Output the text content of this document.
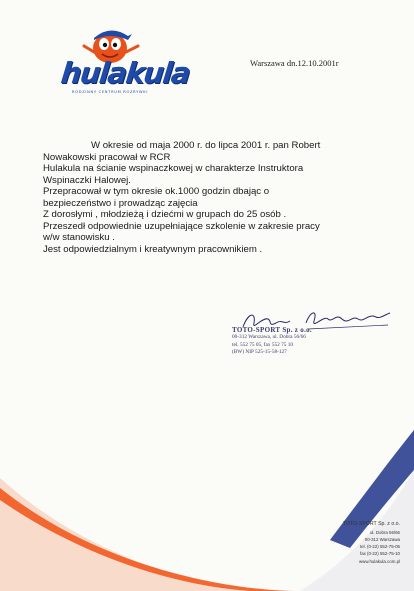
hulakula
RODZINNY CENTRUM ROZRYWKI
Warszawa dn.12.10.2001r

W okresie od maja 2000 r. do lipca 2001 r. pan Robert

Nowakowski pracował w RCR

Hulakula na ścianie wspinaczkowej w charakterze Instruktora

Wspinaczki Halowej.

Przepracował w tym okresie ok.1000 godzin dbając o

bezpieczeństwo i prowadząc zajęcia

Z dorosłymi , młodzieżą i dziećmi w grupach do 25 osób .

Przeszedł odpowiednie uzupełniające szkolenie w zakresie pracy

w/w stanowisku .

Jest odpowiedzialnym i kreatywnym pracownikiem .

TOTO-SPORT Sp. z o.o.
00-312 Warszawa, ul. Dobra 56/66
tel. 552 75 05, fax 552 75 10
(BW) NIP 525-15-58-127
TOTO-SPORT Sp. z o.o.
ul. Dobra 56/66
00-312 Warszawa
tel. (0-22) 552-75-05
fax (0-22) 552-75-10
www.hulakula.com.pl
